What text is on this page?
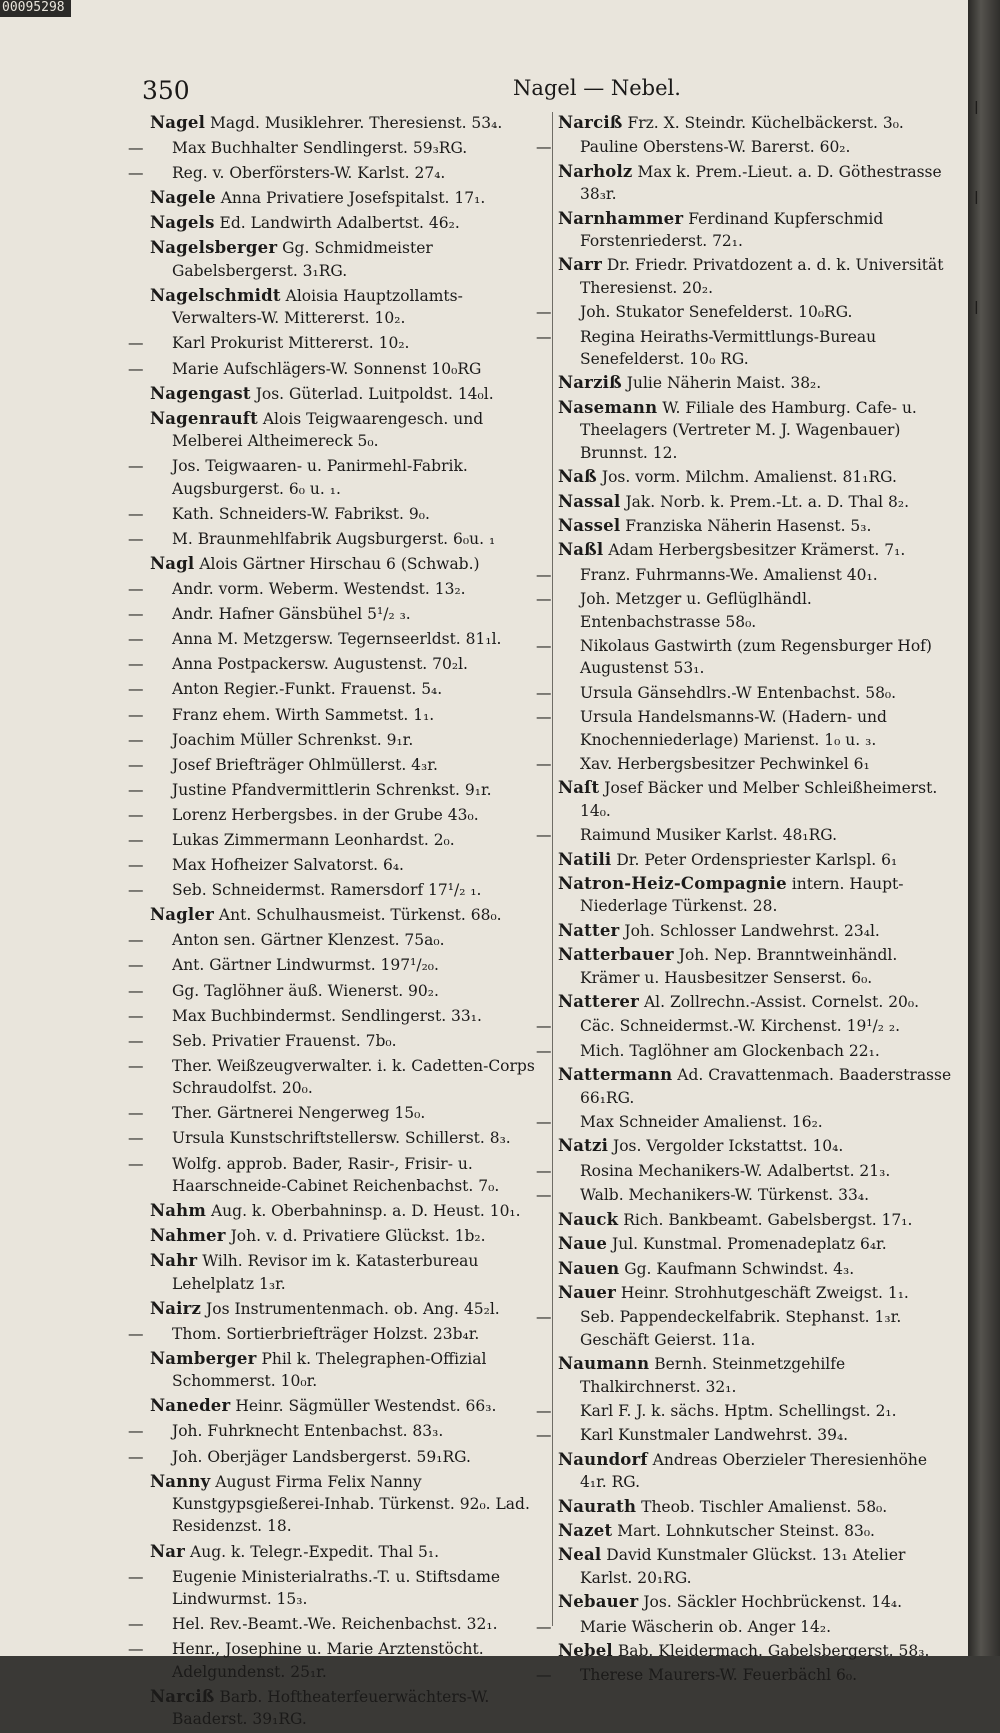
00095298
350	Nagel — Nebel.
Nagel Magd. Musiklehrer. Theresienst. 53₄.
— Max Buchhalter Sendlingerst. 59₃RG.
— Reg. v. Oberförsters-W. Karlst. 27₄.
Nagele Anna Privatiere Josefspitalst. 17₁.
Nagels Ed. Landwirth Adalbertst. 46₂.
Nagelsberger Gg. Schmidmeister Gabelsbergerst. 3₁RG.
Nagelschmidt Aloisia Hauptzollamts-Verwalters-W. Mittererst. 10₂.
— Karl Prokurist Mittererst. 10₂.
— Marie Aufschlägers-W. Sonnenst 10₀RG
Nagengast Jos. Güterlad. Luitpoldst. 14₀l.
Nagenrauft Alois Teigwaarengesch. und Melberei Altheimereck 5₀.
— Jos. Teigwaaren- u. Panirmehl-Fabrik. Augsburgerst. 6₀ u. ₁.
— Kath. Schneiders-W. Fabrikst. 9₀.
— M. Braunmehlfabrik Augsburgerst. 6₀u. ₁
Nagl Alois Gärtner Hirschau 6 (Schwab.)
— Andr. vorm. Weberm. Westendst. 13₂.
— Andr. Hafner Gänsbühel 5¹/₂ ₃.
— Anna M. Metzgersw. Tegernseerldst. 81₁l.
— Anna Postpackersw. Augustenst. 70₂l.
— Anton Regier.-Funkt. Frauenst. 5₄.
— Franz ehem. Wirth Sammetst. 1₁.
— Joachim Müller Schrenkst. 9₁r.
— Josef Briefträger Ohlmüllerst. 4₃r.
— Justine Pfandvermittlerin Schrenkst. 9₁r.
— Lorenz Herbergsbes. in der Grube 43₀.
— Lukas Zimmermann Leonhardst. 2₀.
— Max Hofheizer Salvatorst. 6₄.
— Seb. Schneidermst. Ramersdorf 17¹/₂ ₁.
Nagler Ant. Schulhausmeist. Türkenst. 68₀.
— Anton sen. Gärtner Klenzest. 75a₀.
— Ant. Gärtner Lindwurmst. 197¹/₂₀.
— Gg. Taglöhner äuß. Wienerst. 90₂.
— Max Buchbindermst. Sendlingerst. 33₁.
— Seb. Privatier Frauenst. 7b₀.
— Ther. Weißzeugverwalter. i. k. Cadetten-Corps Schraudolfst. 20₀.
— Ther. Gärtnerei Nengerweg 15₀.
— Ursula Kunstschriftstellersw. Schillerst. 8₃.
— Wolfg. approb. Bader, Rasir-, Frisir- u. Haarschneide-Cabinet Reichenbachst. 7₀.
Nahm Aug. k. Oberbahninsp. a. D. Heust. 10₁.
Nahmer Joh. v. d. Privatiere Glückst. 1b₂.
Nahr Wilh. Revisor im k. Katasterbureau Lehelplatz 1₃r.
Nairz Jos Instrumentenmach. ob. Ang. 45₂l.
— Thom. Sortierbriefträger Holzst. 23b₄r.
Namberger Phil k. Thelegraphen-Offizial Schommerst. 10₀r.
Naneder Heinr. Sägmüller Westendst. 66₃.
— Joh. Fuhrknecht Entenbachst. 83₃.
— Joh. Oberjäger Landsbergerst. 59₁RG.
Nanny August Firma Felix Nanny Kunstgypsgießerei-Inhab. Türkenst. 92₀. Lad. Residenzst. 18.
Nar Aug. k. Telegr.-Expedit. Thal 5₁.
— Eugenie Ministerialraths.-T. u. Stiftsdame Lindwurmst. 15₃.
— Hel. Rev.-Beamt.-We. Reichenbachst. 32₁.
— Henr., Josephine u. Marie Arztenstöcht. Adelgundenst. 25₁r.
Narciß Barb. Hoftheaterfeuerwächters-W. Baaderst. 39₁RG.
Narciß Frz. X. Steindr. Küchelbäckerst. 3₀.
— Pauline Oberstens-W. Barerst. 60₂.
Narholz Max k. Prem.-Lieut. a. D. Göthestrasse 38₃r.
Narnhammer Ferdinand Kupferschmid Forstenriederst. 72₁.
Narr Dr. Friedr. Privatdozent a. d. k. Universität Theresienst. 20₂.
— Joh. Stukator Senefelderst. 10₀RG.
— Regina Heiraths-Vermittlungs-Bureau Senefelderst. 10₀ RG.
Narziß Julie Näherin Maist. 38₂.
Nasemann W. Filiale des Hamburg. Cafe- u. Theelagers (Vertreter M. J. Wagenbauer) Brunnst. 12.
Naß Jos. vorm. Milchm. Amalienst. 81₁RG.
Nassal Jak. Norb. k. Prem.-Lt. a. D. Thal 8₂.
Nassel Franziska Näherin Hasenst. 5₃.
Naßl Adam Herbergsbesitzer Krämerst. 7₁.
— Franz. Fuhrmanns-We. Amalienst 40₁.
— Joh. Metzger u. Geflüglhändl. Entenbachstrasse 58₀.
— Nikolaus Gastwirth (zum Regensburger Hof) Augustenst 53₁.
— Ursula Gänsehdlrs.-W Entenbachst. 58₀.
— Ursula Handelsmanns-W. (Hadern- und Knochenniederlage) Marienst. 1₀ u. ₃.
— Xav. Herbergsbesitzer Pechwinkel 6₁
Naſt Josef Bäcker und Melber Schleißheimerst. 14₀.
— Raimund Musiker Karlst. 48₁RG.
Natili Dr. Peter Ordenspriester Karlspl. 6₁
Natron-Heiz-Compagnie intern. Haupt-Niederlage Türkenst. 28.
Natter Joh. Schlosser Landwehrst. 23₄l.
Natterbauer Joh. Nep. Branntweinhändl. Krämer u. Hausbesitzer Senserst. 6₀.
Natterer Al. Zollrechn.-Assist. Cornelst. 20₀.
— Cäc. Schneidermst.-W. Kirchenst. 19¹/₂ ₂.
— Mich. Taglöhner am Glockenbach 22₁.
Nattermann Ad. Cravattenmach. Baaderstrasse 66₁RG.
— Max Schneider Amalienst. 16₂.
Natzi Jos. Vergolder Ickstattst. 10₄.
— Rosina Mechanikers-W. Adalbertst. 21₃.
— Walb. Mechanikers-W. Türkenst. 33₄.
Nauck Rich. Bankbeamt. Gabelsbergst. 17₁.
Naue Jul. Kunstmal. Promenadeplatz 6₄r.
Nauen Gg. Kaufmann Schwindst. 4₃.
Nauer Heinr. Strohhutgeschäft Zweigst. 1₁.
— Seb. Pappendeckelfabrik. Stephanst. 1₃r. Geschäft Geierst. 11a.
Naumann Bernh. Steinmetzgehilfe Thalkirchnerst. 32₁.
— Karl F. J. k. sächs. Hptm. Schellingst. 2₁.
— Karl Kunstmaler Landwehrst. 39₄.
Naundorf Andreas Oberzieler Theresienhöhe 4₁r. RG.
Naurath Theob. Tischler Amalienst. 58₀.
Nazet Mart. Lohnkutscher Steinst. 83₀.
Neal David Kunstmaler Glückst. 13₁ Atelier Karlst. 20₁RG.
Nebauer Jos. Säckler Hochbrückenst. 14₄.
— Marie Wäscherin ob. Anger 14₂.
Nebel Bab. Kleidermach. Gabelsbergerst. 58₃.
— Therese Maurers-W. Feuerbächl 6₀.
|
|
|
